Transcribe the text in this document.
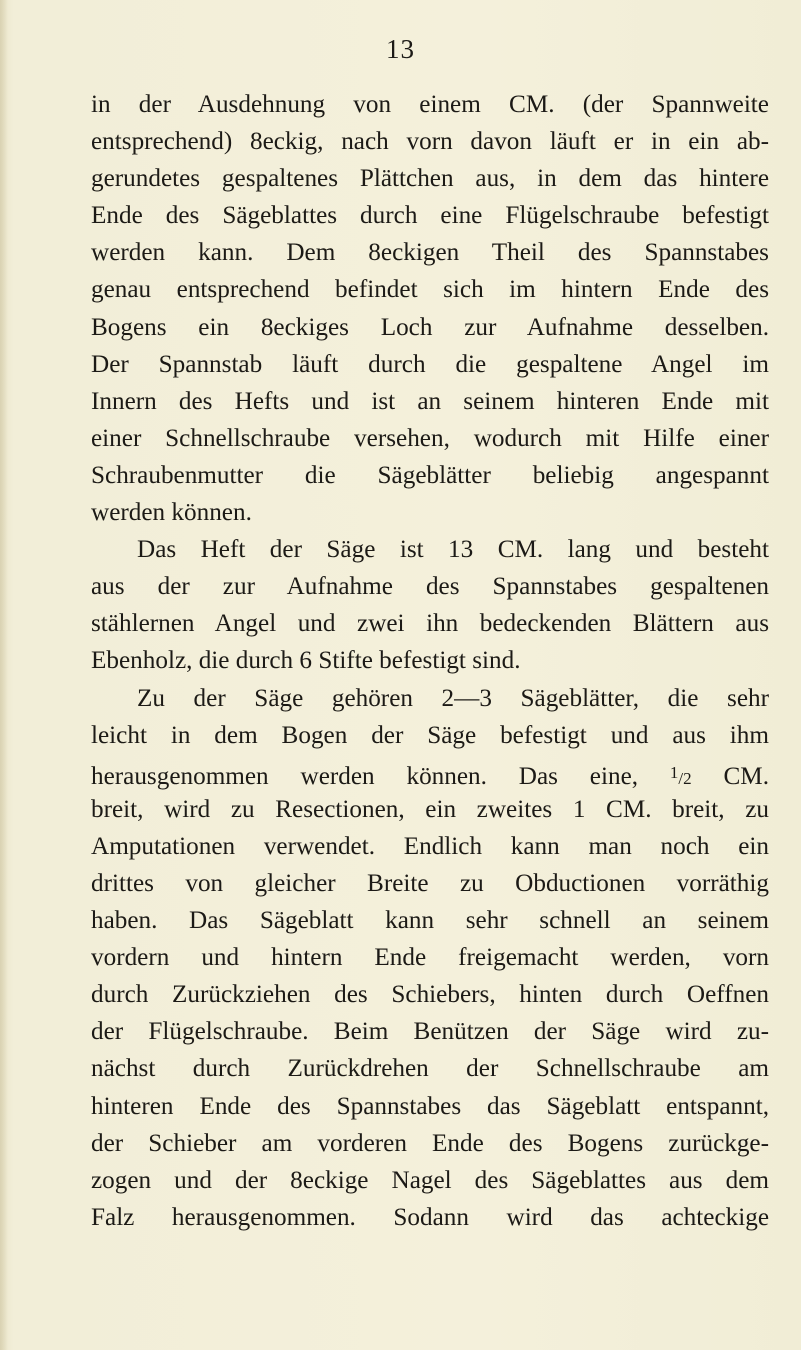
13
in der Ausdehnung von einem CM. (der Spannweite
entsprechend) 8eckig, nach vorn davon läuft er in ein ab-
gerundetes gespaltenes Plättchen aus, in dem das hintere
Ende des Sägeblattes durch eine Flügelschraube befestigt
werden kann. Dem 8eckigen Theil des Spannstabes
genau entsprechend befindet sich im hintern Ende des
Bogens ein 8eckiges Loch zur Aufnahme desselben.
Der Spannstab läuft durch die gespaltene Angel im
Innern des Hefts und ist an seinem hinteren Ende mit
einer Schnellschraube versehen, wodurch mit Hilfe einer
Schraubenmutter die Sägeblätter beliebig angespannt
werden können.
Das Heft der Säge ist 13 CM. lang und besteht
aus der zur Aufnahme des Spannstabes gespaltenen
stählernen Angel und zwei ihn bedeckenden Blättern aus
Ebenholz, die durch 6 Stifte befestigt sind.
Zu der Säge gehören 2—3 Sägeblätter, die sehr
leicht in dem Bogen der Säge befestigt und aus ihm
herausgenommen werden können. Das eine, $^1$/2 CM.
breit, wird zu Resectionen, ein zweites 1 CM. breit, zu
Amputationen verwendet. Endlich kann man noch ein
drittes von gleicher Breite zu Obductionen vorräthig
haben. Das Sägeblatt kann sehr schnell an seinem
vordern und hintern Ende freigemacht werden, vorn
durch Zurückziehen des Schiebers, hinten durch Oeffnen
der Flügelschraube. Beim Benützen der Säge wird zu-
nächst durch Zurückdrehen der Schnellschraube am
hinteren Ende des Spannstabes das Sägeblatt entspannt,
der Schieber am vorderen Ende des Bogens zurückge-
zogen und der 8eckige Nagel des Sägeblattes aus dem
Falz herausgenommen. Sodann wird das achteckige
